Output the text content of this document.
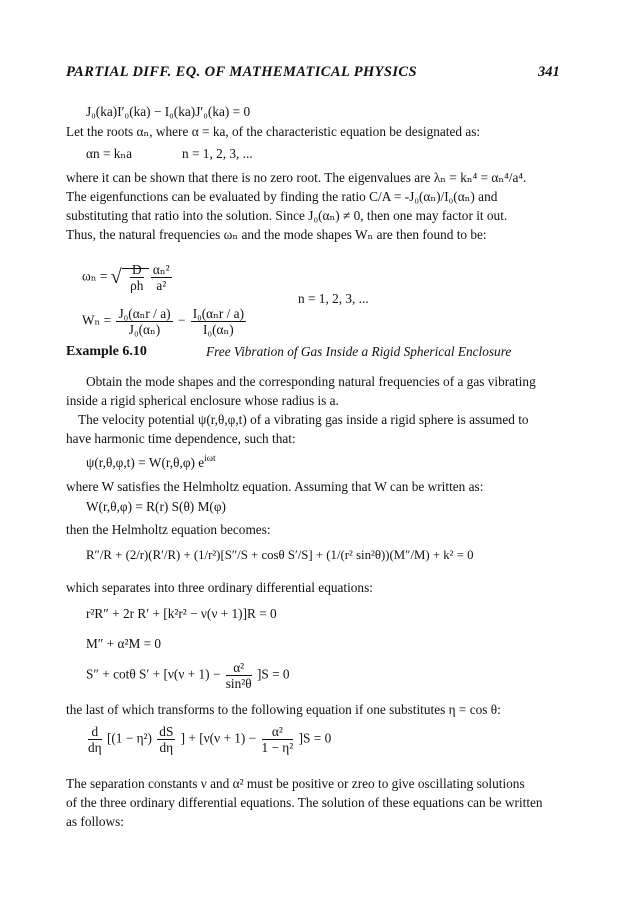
PARTIAL DIFF. EQ. OF MATHEMATICAL PHYSICS	341
J₀(ka)I′₀(ka) − I₀(ka)J′₀(ka) = 0
Let the roots αₙ, where α = ka, of the characteristic equation be designated as:
αn = kₙa	n = 1, 2, 3, ...
where it can be shown that there is no zero root. The eigenvalues are λₙ = kₙ⁴ = αₙ⁴/a⁴.
The eigenfunctions can be evaluated by finding the ratio C/A = -J₀(αₙ)/I₀(αₙ) and
substituting that ratio into the solution. Since J₀(αₙ) ≠ 0, then one may factor it out.
Thus, the natural frequencies ωₙ and the mode shapes Wₙ are then found to be:
ωₙ = √ $\frac{D}{\rho h}$
$\frac{\text{αₙ²}}{\text{a²}}$
n = 1, 2, 3, ...
$W_n = \frac{\text{J₀(αₙr / a)}}{\text{J₀(αₙ)}} - \frac{\text{I₀(αₙr / a)}}{\text{I₀(αₙ)}}$
Example 6.10	Free Vibration of Gas Inside a Rigid Spherical Enclosure
Obtain the mode shapes and the corresponding natural frequencies of a gas vibrating
inside a rigid spherical enclosure whose radius is a.
The velocity potential ψ(r,θ,φ,t) of a vibrating gas inside a rigid sphere is assumed to
have harmonic time dependence, such that:
ψ(r,θ,φ,t) = W(r,θ,φ) $e^{i\omega t}$
where W satisfies the Helmholtz equation. Assuming that W can be written as:
W(r,θ,φ) = R(r) S(θ) M(φ)
then the Helmholtz equation becomes:
R″/R + (2/r)(R′/R) + (1/r²)[S″/S + cosθ S′/S] + (1/(r² sin²θ))(M″/M) + k² = 0
which separates into three ordinary differential equations:
r²R″ + 2r R′ + [k²r² − ν(ν + 1)]R = 0
M″ + α²M = 0
S″ + cotθ $S' + [\nu(\nu + 1) - \frac{\text{α²}}{\text{sin²θ}} ]S = 0$
the last of which transforms to the following equation if one substitutes η = cos θ:
$\frac{d}{d\eta} [(1 - \eta^2) \frac{dS}{d\eta}$ ] + $[\nu(\nu + 1) - \frac{\text{α²}}{\text{1 − η²}} ]S = 0$
The separation constants ν and α² must be positive or zreo to give oscillating solutions
of the three ordinary differential equations. The solution of these equations can be written
as follows:
